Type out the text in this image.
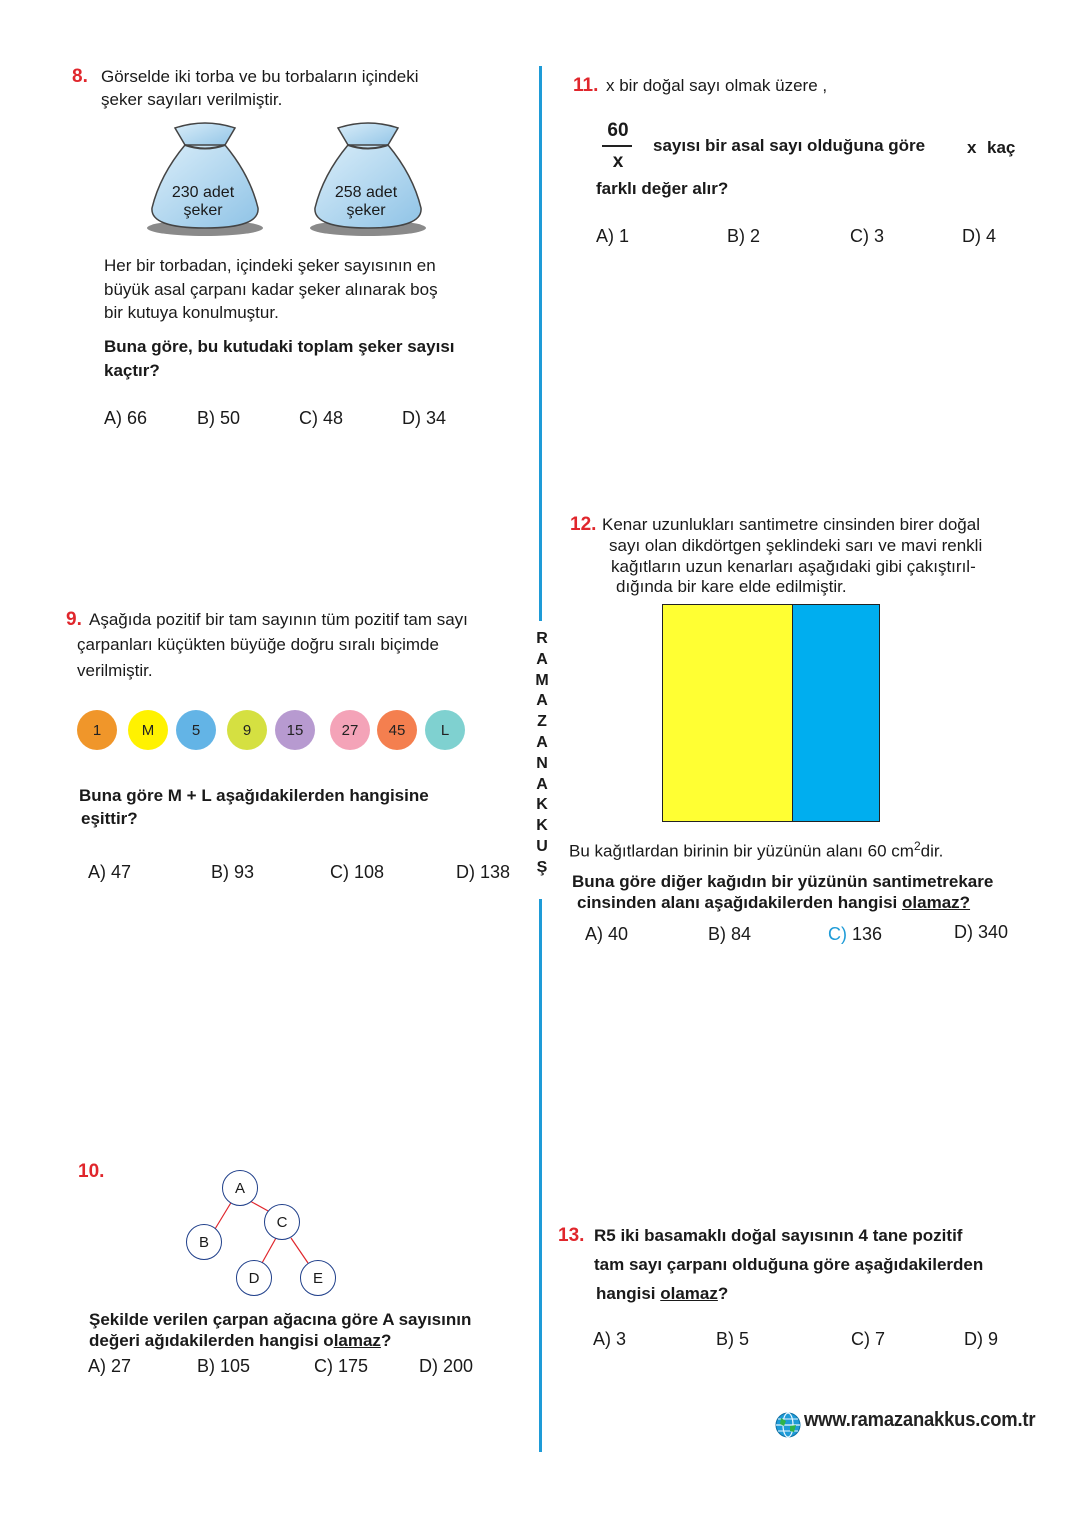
R
A
M
A
Z
A
N
A
K
K
U
Ş
8. Görselde iki torba ve bu torbaların içindeki
şeker sayıları verilmiştir.
230 adet
şeker
258 adet
şeker
Her bir torbadan, içindeki şeker sayısının en
büyük asal çarpanı kadar şeker alınarak boş
bir kutuya konulmuştur.
Buna göre, bu kutudaki toplam şeker sayısı
kaçtır?
A) 66	B) 50	C) 48	D) 34
9. Aşağıda pozitif bir tam sayının tüm pozitif tam sayı
çarpanları küçükten büyüğe doğru sıralı biçimde
verilmiştir.
1	M	5	9	15	27	45	L
Buna göre M + L aşağıdakilerden hangisine
eşittir?
A) 47	B) 93	C) 108	D) 138
10.
A
B
C
D	E
Şekilde verilen çarpan ağacına göre A sayısının
değeri ağıdakilerden hangisi olamaz?
A) 27	B) 105	C) 175	D) 200
11. x bir doğal sayı olmak üzere ,
60
x
sayısı bir asal sayı olduğuna göre x kaç
farklı değer alır?
A) 1	B) 2	C) 3	D) 4
12. Kenar uzunlukları santimetre cinsinden birer doğal
sayı olan dikdörtgen şeklindeki sarı ve mavi renkli
kağıtların uzun kenarları aşağıdaki gibi çakıştırıl-
dığında bir kare elde edilmiştir.
Bu kağıtlardan birinin bir yüzünün alanı 60 $cm^2dir$.
Buna göre diğer kağıdın bir yüzünün santimetrekare
cinsinden alanı aşağıdakilerden hangisi olamaz?
A) 40	B) 84	C) 136	D) 340
13. R5 iki basamaklı doğal sayısının 4 tane pozitif
tam sayı çarpanı olduğuna göre aşağıdakilerden
hangisi olamaz?
A) 3	B) 5	C) 7	D) 9
www.ramazanakkus.com.tr
